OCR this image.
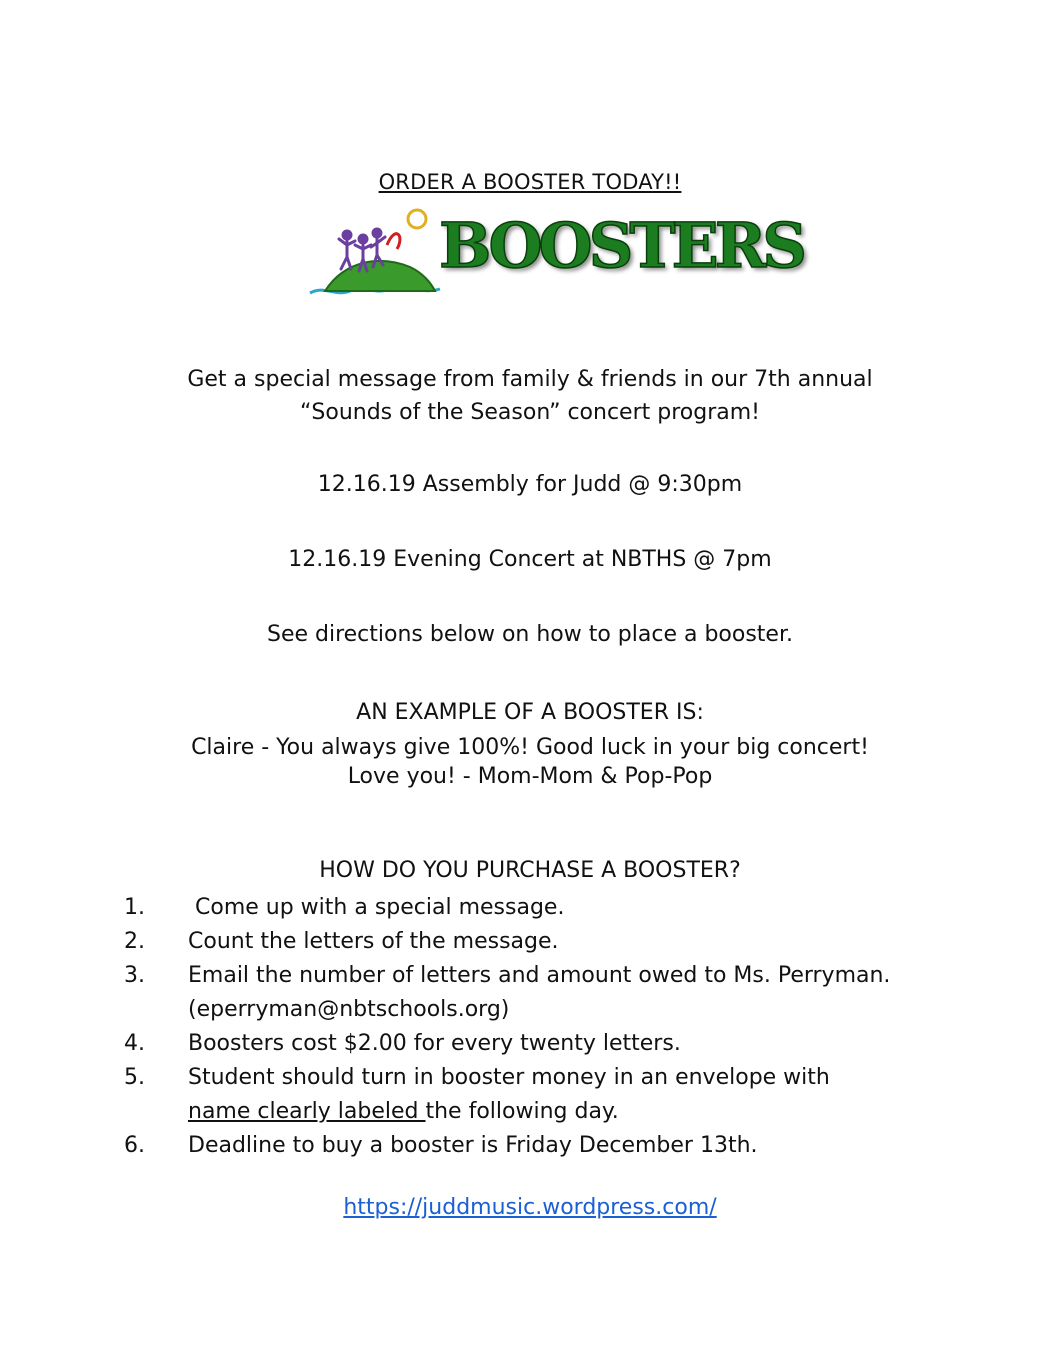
ORDER A BOOSTER TODAY!!
BOOSTERS
Get a special message from family & friends in our 7th annual
“Sounds of the Season” concert program!
12.16.19 Assembly for Judd @ 9:30pm
12.16.19 Evening Concert at NBTHS @ 7pm
See directions below on how to place a booster.
AN EXAMPLE OF A BOOSTER IS:
Claire - You always give 100%! Good luck in your big concert!
Love you! - Mom-Mom & Pop-Pop
HOW DO YOU PURCHASE A BOOSTER?
1. Come up with a special message.
2. Count the letters of the message.
3. Email the number of letters and amount owed to Ms. Perryman.
(eperryman@nbtschools.org)
4. Boosters cost $2.00 for every twenty letters.
5. Student should turn in booster money in an envelope with
name clearly labeled the following day.
6. Deadline to buy a booster is Friday December 13th.
https://juddmusic.wordpress.com/
